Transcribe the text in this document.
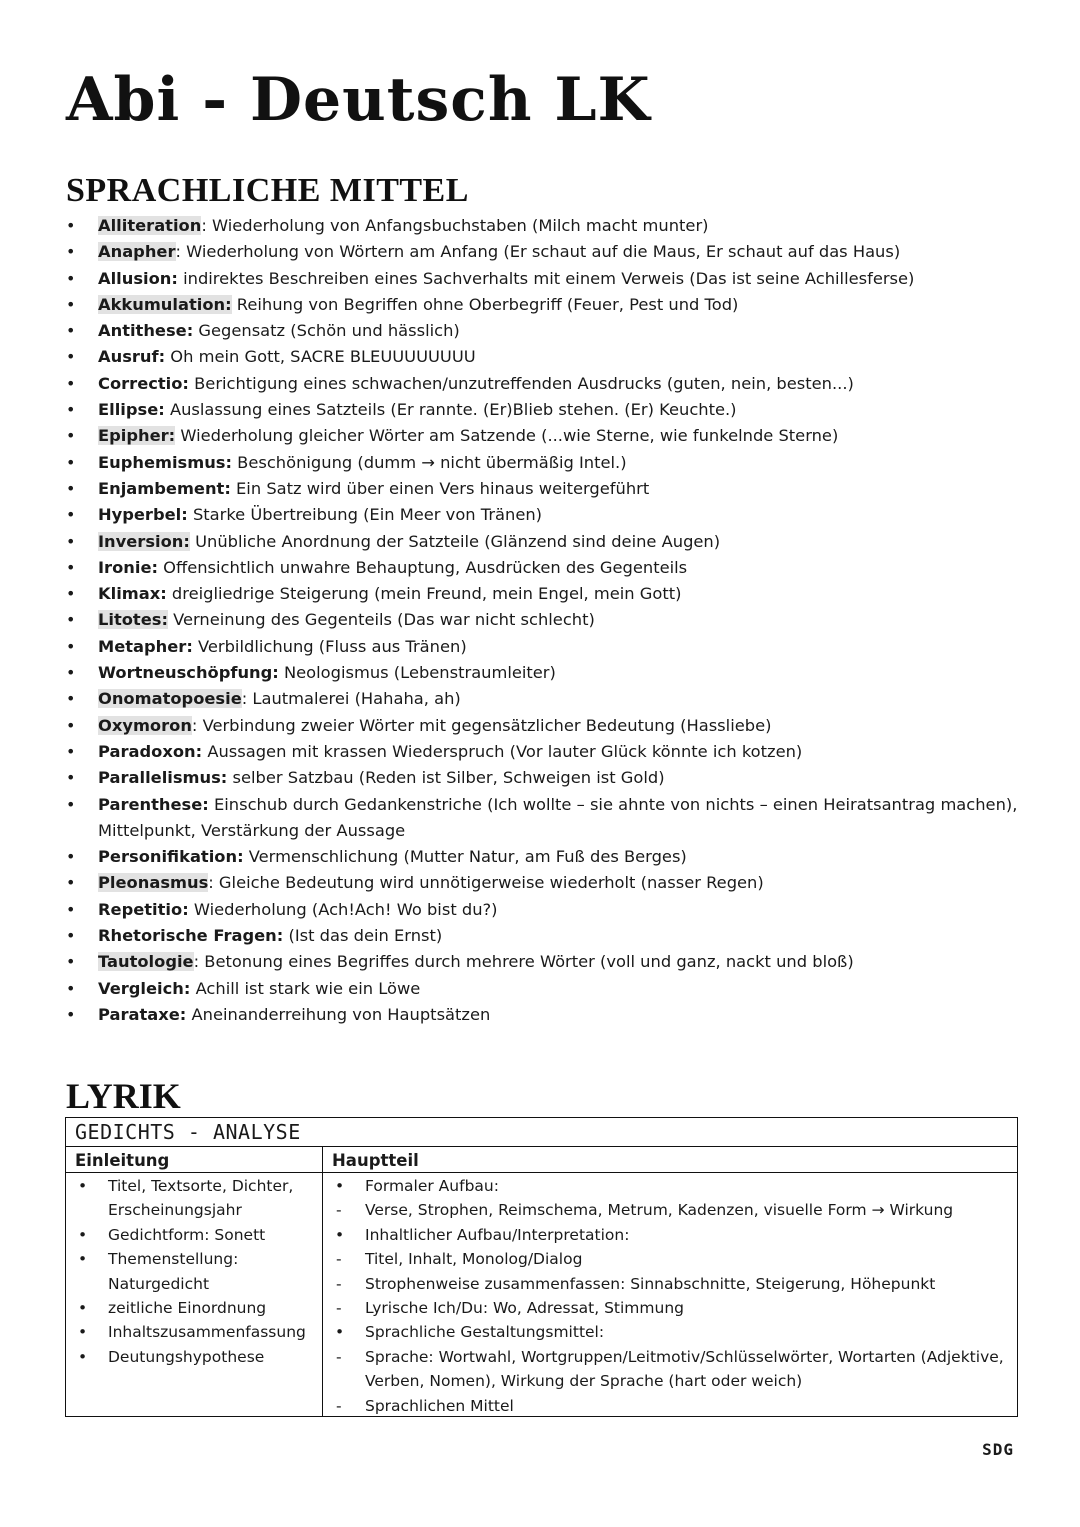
Abi - Deutsch LK
SPRACHLICHE MITTEL
• Alliteration: Wiederholung von Anfangsbuchstaben (Milch macht munter)
• Anapher: Wiederholung von Wörtern am Anfang (Er schaut auf die Maus, Er schaut auf das Haus)
• Allusion: indirektes Beschreiben eines Sachverhalts mit einem Verweis (Das ist seine Achillesferse)
• Akkumulation: Reihung von Begriffen ohne Oberbegriff (Feuer, Pest und Tod)
• Antithese: Gegensatz (Schön und hässlich)
• Ausruf: Oh mein Gott, SACRE BLEUUUUUUUU
• Correctio: Berichtigung eines schwachen/unzutreffenden Ausdrucks (guten, nein, besten...)
• Ellipse: Auslassung eines Satzteils (Er rannte. (Er)Blieb stehen. (Er) Keuchte.)
• Epipher: Wiederholung gleicher Wörter am Satzende (...wie Sterne, wie funkelnde Sterne)
• Euphemismus: Beschönigung (dumm → nicht übermäßig Intel.)
• Enjambement: Ein Satz wird über einen Vers hinaus weitergeführt
• Hyperbel: Starke Übertreibung (Ein Meer von Tränen)
• Inversion: Unübliche Anordnung der Satzteile (Glänzend sind deine Augen)
• Ironie: Offensichtlich unwahre Behauptung, Ausdrücken des Gegenteils
• Klimax: dreigliedrige Steigerung (mein Freund, mein Engel, mein Gott)
• Litotes: Verneinung des Gegenteils (Das war nicht schlecht)
• Metapher: Verbildlichung (Fluss aus Tränen)
• Wortneuschöpfung: Neologismus (Lebenstraumleiter)
• Onomatopoesie: Lautmalerei (Hahaha, ah)
• Oxymoron: Verbindung zweier Wörter mit gegensätzlicher Bedeutung (Hassliebe)
• Paradoxon: Aussagen mit krassen Wiederspruch (Vor lauter Glück könnte ich kotzen)
• Parallelismus: selber Satzbau (Reden ist Silber, Schweigen ist Gold)
• Parenthese: Einschub durch Gedankenstriche (Ich wollte – sie ahnte von nichts – einen Heiratsantrag machen), Mittelpunkt, Verstärkung der Aussage
• Personifikation: Vermenschlichung (Mutter Natur, am Fuß des Berges)
• Pleonasmus: Gleiche Bedeutung wird unnötigerweise wiederholt (nasser Regen)
• Repetitio: Wiederholung (Ach!Ach! Wo bist du?)
• Rhetorische Fragen: (Ist das dein Ernst)
• Tautologie: Betonung eines Begriffes durch mehrere Wörter (voll und ganz, nackt und bloß)
• Vergleich: Achill ist stark wie ein Löwe
• Parataxe: Aneinanderreihung von Hauptsätzen
LYRIK
GEDICHTS - ANALYSE
Einleitung	Hauptteil
• Titel, Textsorte, Dichter, Erscheinungsjahr
• Gedichtform: Sonett
• Themenstellung: Naturgedicht
• zeitliche Einordnung
• Inhaltszusammenfassung
• Deutungshypothese
• Formaler Aufbau:
- Verse, Strophen, Reimschema, Metrum, Kadenzen, visuelle Form → Wirkung
• Inhaltlicher Aufbau/Interpretation:
- Titel, Inhalt, Monolog/Dialog
- Strophenweise zusammenfassen: Sinnabschnitte, Steigerung, Höhepunkt
- Lyrische Ich/Du: Wo, Adressat, Stimmung
• Sprachliche Gestaltungsmittel:
- Sprache: Wortwahl, Wortgruppen/Leitmotiv/Schlüsselwörter, Wortarten (Adjektive, Verben, Nomen), Wirkung der Sprache (hart oder weich)
- Sprachlichen Mittel
SDG
